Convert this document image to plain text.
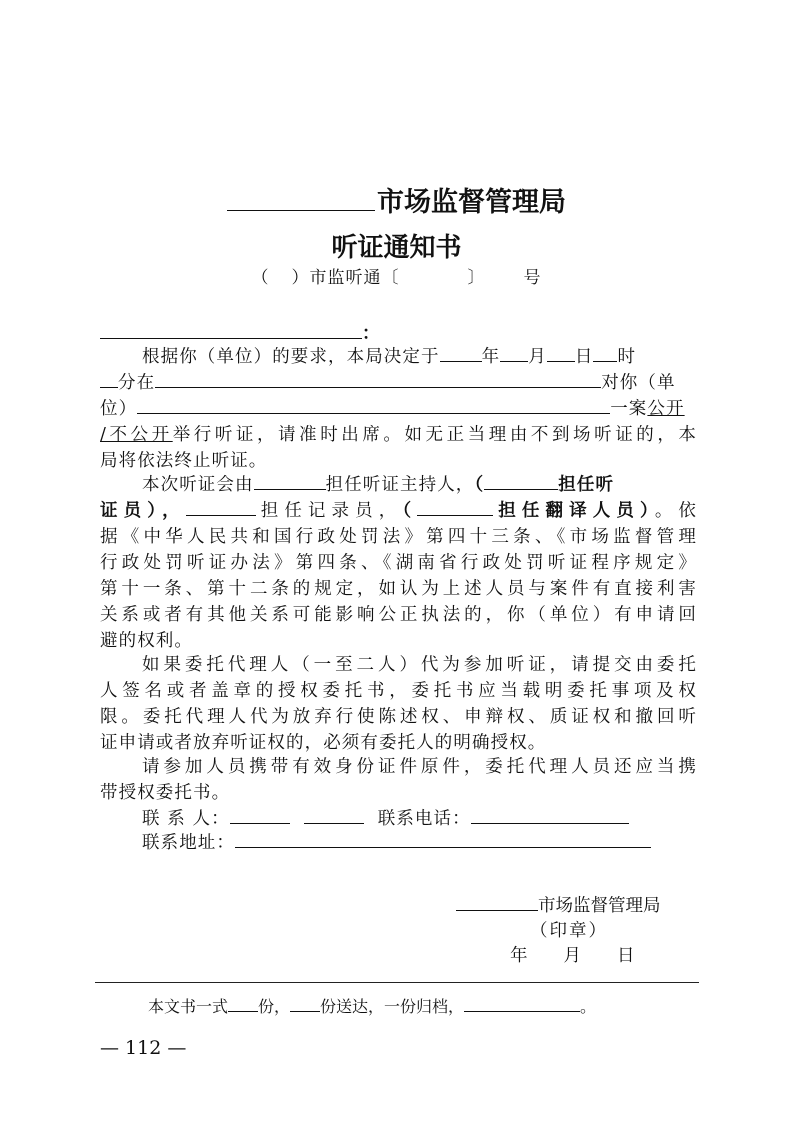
市场监督管理局
听证通知书
（ ）市监听通〔	〕 号
：
根据你（单位）的要求，本局决定于 年 月 日 时
分在	对你（单
位）	一案公开
/不公开举行听证，请准时出席。如无正当理由不到场听证的，本
局将依法终止听证。
本次听证会由	担任听证主持人，（	担任听
证员），	担任记录员，（	担任翻译人员）。依
据《中华人民共和国行政处罚法》第四十三条、《市场监督管理
行政处罚听证办法》第四条、《湖南省行政处罚听证程序规定》
第十一条、第十二条的规定，如认为上述人员与案件有直接利害
关系或者有其他关系可能影响公正执法的，你（单位）有申请回
避的权利。
如果委托代理人（一至二人）代为参加听证，请提交由委托
人签名或者盖章的授权委托书，委托书应当载明委托事项及权
限。委托代理人代为放弃行使陈述权、申辩权、质证权和撤回听
证申请或者放弃听证权的，必须有委托人的明确授权。
请参加人员携带有效身份证件原件，委托代理人员还应当携
带授权委托书。
联 系 人：	联系电话：
联系地址：
市场监督管理局
（印章）
年 月 日
本文书一式 份， 份送达，一份归档，	。
— 112 —
